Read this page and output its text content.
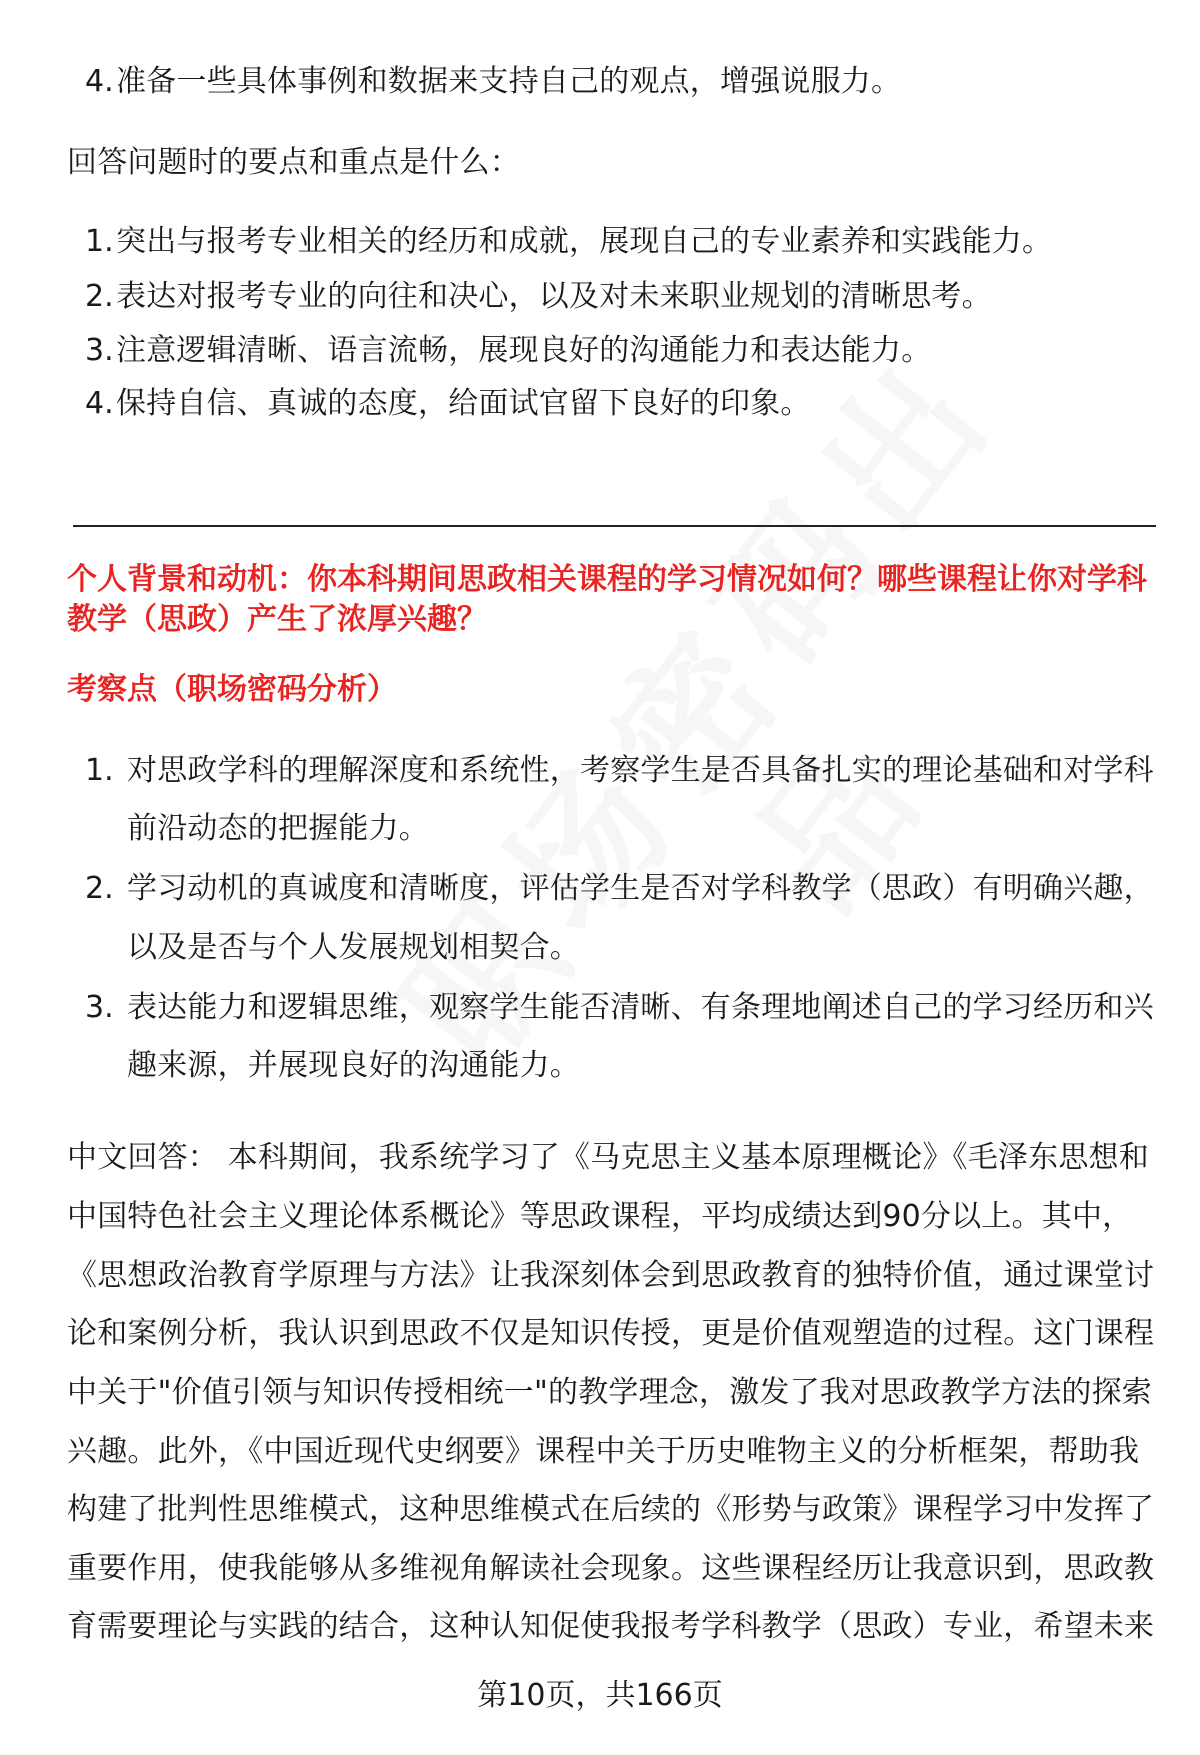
4. 准备一些具体事例和数据来支持自己的观点，增强说服力。
回答问题时的要点和重点是什么：
1. 突出与报考专业相关的经历和成就，展现自己的专业素养和实践能力。
2. 表达对报考专业的向往和决心，以及对未来职业规划的清晰思考。
3. 注意逻辑清晰、语言流畅，展现良好的沟通能力和表达能力。
4. 保持自信、真诚的态度，给面试官留下良好的印象。
个人背景和动机：你本科期间思政相关课程的学习情况如何？哪些课程让你对学科
教学（思政）产生了浓厚兴趣？
考察点（职场密码分析）
1. 对思政学科的理解深度和系统性，考察学生是否具备扎实的理论基础和对学科
前沿动态的把握能力。
2. 学习动机的真诚度和清晰度，评估学生是否对学科教学（思政）有明确兴趣，
以及是否与个人发展规划相契合。
3. 表达能力和逻辑思维，观察学生能否清晰、有条理地阐述自己的学习经历和兴
趣来源，并展现良好的沟通能力。
中文回答： 本科期间，我系统学习了《马克思主义基本原理概论》《毛泽东思想和
中国特色社会主义理论体系概论》等思政课程，平均成绩达到90分以上。其中，
《思想政治教育学原理与方法》让我深刻体会到思政教育的独特价值，通过课堂讨
论和案例分析，我认识到思政不仅是知识传授，更是价值观塑造的过程。这门课程
中关于"价值引领与知识传授相统一"的教学理念，激发了我对思政教学方法的探索
兴趣。此外，《中国近现代史纲要》课程中关于历史唯物主义的分析框架，帮助我
构建了批判性思维模式，这种思维模式在后续的《形势与政策》课程学习中发挥了
重要作用，使我能够从多维视角解读社会现象。这些课程经历让我意识到，思政教
育需要理论与实践的结合，这种认知促使我报考学科教学（思政）专业，希望未来
第10页，共166页
